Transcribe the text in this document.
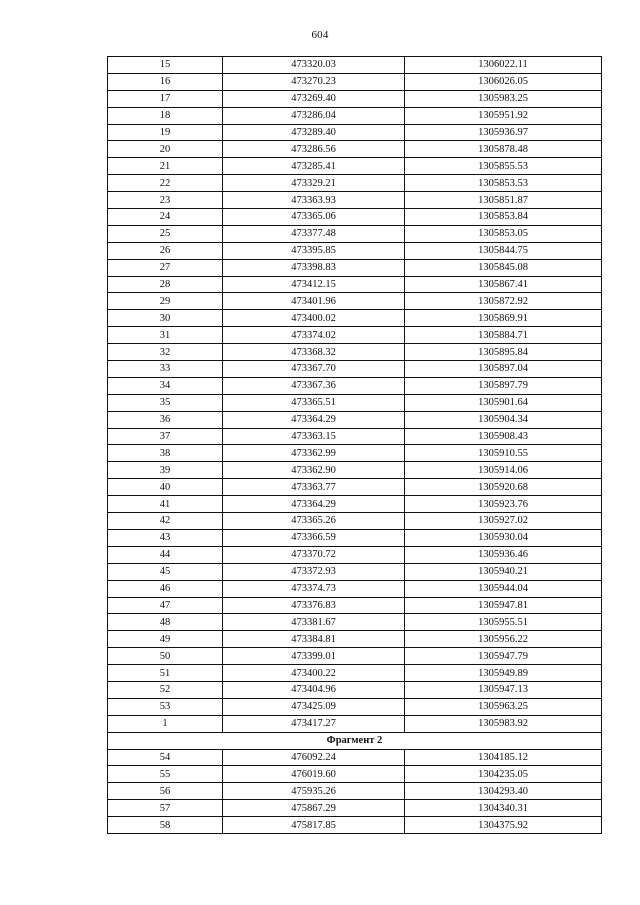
604
15	473320.03	1306022.11
16	473270.23	1306026.05
17	473269.40	1305983.25
18	473286.04	1305951.92
19	473289.40	1305936.97
20	473286.56	1305878.48
21	473285.41	1305855.53
22	473329.21	1305853.53
23	473363.93	1305851.87
24	473365.06	1305853.84
25	473377.48	1305853.05
26	473395.85	1305844.75
27	473398.83	1305845.08
28	473412.15	1305867.41
29	473401.96	1305872.92
30	473400.02	1305869.91
31	473374.02	1305884.71
32	473368.32	1305895.84
33	473367.70	1305897.04
34	473367.36	1305897.79
35	473365.51	1305901.64
36	473364.29	1305904.34
37	473363.15	1305908.43
38	473362.99	1305910.55
39	473362.90	1305914.06
40	473363.77	1305920.68
41	473364.29	1305923.76
42	473365.26	1305927.02
43	473366.59	1305930.04
44	473370.72	1305936.46
45	473372.93	1305940.21
46	473374.73	1305944.04
47	473376.83	1305947.81
48	473381.67	1305955.51
49	473384.81	1305956.22
50	473399.01	1305947.79
51	473400.22	1305949.89
52	473404.96	1305947.13
53	473425.09	1305963.25
1	473417.27	1305983.92
Фрагмент 2		
54	476092.24	1304185.12
55	476019.60	1304235.05
56	475935.26	1304293.40
57	475867.29	1304340.31
58	475817.85	1304375.92
